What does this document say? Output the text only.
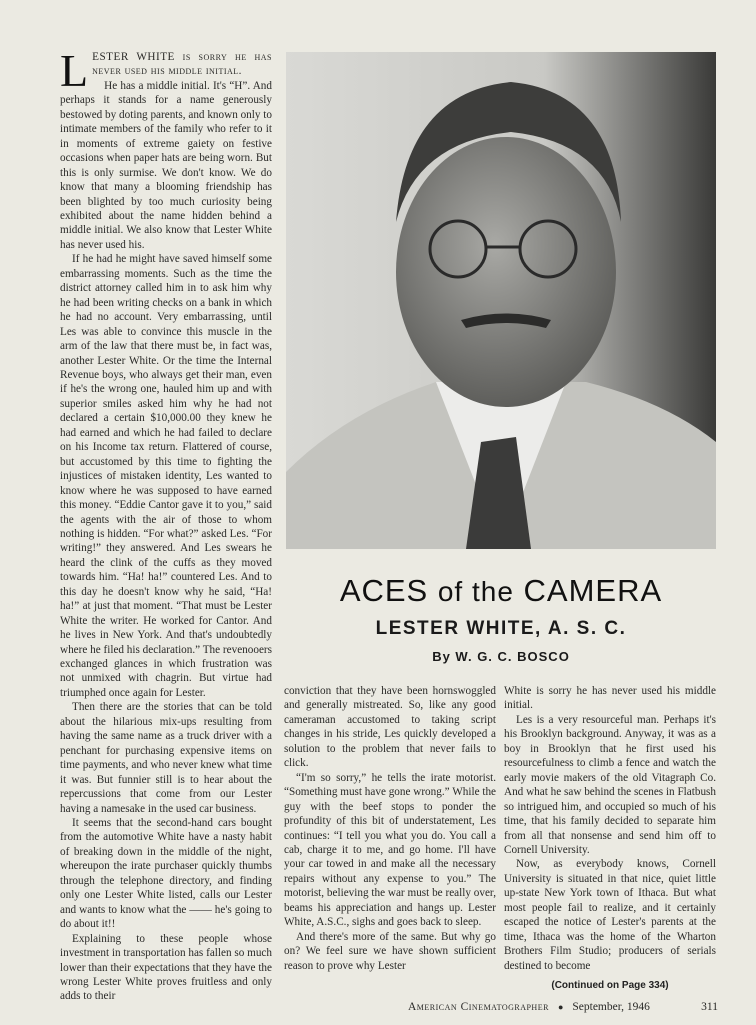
LESTER WHITE is sorry he has never used his middle initial.

He has a middle initial. It's “H”. And perhaps it stands for a name generously bestowed by doting parents, and known only to intimate members of the family who refer to it in moments of extreme gaiety on festive occasions when paper hats are being worn. But this is only surmise. We don't know. We do know that many a blooming friendship has been blighted by too much curiosity being exhibited about the name hidden behind a middle initial. We also know that Lester White has never used his.

If he had he might have saved himself some embarrassing moments. Such as the time the district attorney called him in to ask him why he had been writing checks on a bank in which he had no account. Very embarrassing, until Les was able to convince this muscle in the arm of the law that there must be, in fact was, another Lester White. Or the time the Internal Revenue boys, who always get their man, even if he's the wrong one, hauled him up and with superior smiles asked him why he had not declared a certain $10,000.00 they knew he had earned and which he had failed to declare on his Income tax return. Flattered of course, but accustomed by this time to fighting the injustices of mistaken identity, Les wanted to know where he was supposed to have earned this money. “Eddie Cantor gave it to you,” said the agents with the air of those to whom nothing is hidden. “For what?” asked Les. “For writing!” they answered. And Les swears he heard the clink of the cuffs as they moved towards him. “Ha! ha!” countered Les. And to this day he doesn't know why he said, “Ha! ha!” at just that moment. “That must be Lester White the writer. He worked for Cantor. And he lives in New York. And that's undoubtedly where he filed his declaration.” The revenooers exchanged glances in which frustration was not unmixed with chagrin. But virtue had triumphed once again for Lester.

Then there are the stories that can be told about the hilarious mix-ups resulting from having the same name as a truck driver with a penchant for purchasing expensive items on time payments, and who never knew what time it was. But funnier still is to hear about the repercussions that come from our Lester having a namesake in the used car business.

It seems that the second-hand cars bought from the automotive White have a nasty habit of breaking down in the middle of the night, whereupon the irate purchaser quickly thumbs through the telephone directory, and finding only one Lester White listed, calls our Lester and wants to know what the —— he's going to do about it!!

Explaining to these people whose investment in transportation has fallen so much lower than their expectations that they have the wrong Lester White proves fruitless and only adds to their

ACES of the CAMERA
LESTER WHITE, A. S. C.
By W. G. C. BOSCO

conviction that they have been hornswoggled and generally mistreated. So, like any good cameraman accustomed to taking script changes in his stride, Les quickly developed a solution to the problem that never fails to click.

“I'm so sorry,” he tells the irate motorist. “Something must have gone wrong.” While the guy with the beef stops to ponder the profundity of this bit of understatement, Les continues: “I tell you what you do. You call a cab, charge it to me, and go home. I'll have your car towed in and make all the necessary repairs without any expense to you.” The motorist, believing the war must be really over, beams his appreciation and hangs up. Lester White, A.S.C., sighs and goes back to sleep.

And there's more of the same. But why go on? We feel sure we have shown sufficient reason to prove why Lester

White is sorry he has never used his middle initial.

Les is a very resourceful man. Perhaps it's his Brooklyn background. Anyway, it was as a boy in Brooklyn that he first used his resourcefulness to climb a fence and watch the early movie makers of the old Vitagraph Co. And what he saw behind the scenes in Flatbush so intrigued him, and occupied so much of his time, that his family decided to separate him from all that nonsense and send him off to Cornell University.

Now, as everybody knows, Cornell University is situated in that nice, quiet little up-state New York town of Ithaca. But what most people fail to realize, and it certainly escaped the notice of Lester's parents at the time, Ithaca was the home of the Wharton Brothers Film Studio; producers of serials destined to become

(Continued on Page 334)
American Cinematographer ● September, 1946	311
